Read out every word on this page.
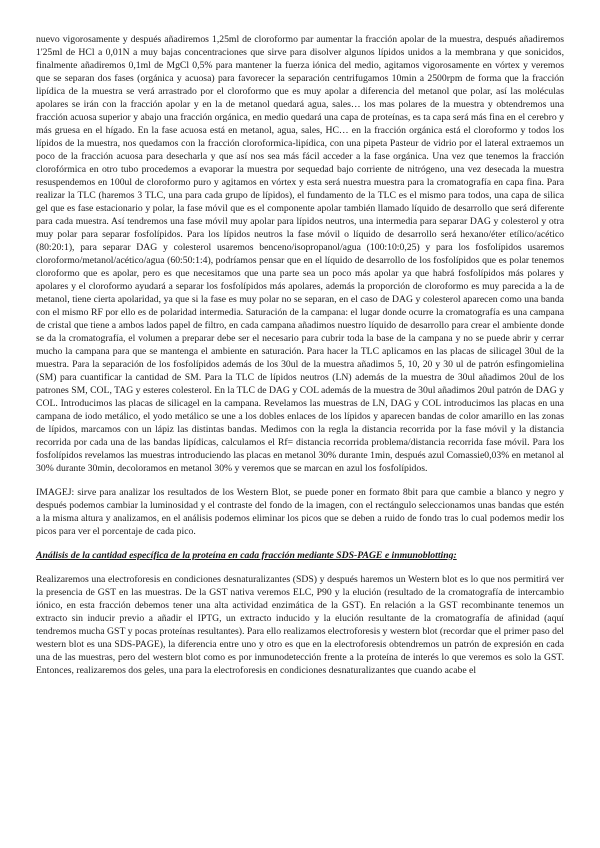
nuevo vigorosamente y después añadiremos 1,25ml de cloroformo par aumentar la fracción apolar de la muestra, después añadiremos 1'25ml de HCl a 0,01N a muy bajas concentraciones que sirve para disolver algunos lípidos unidos a la membrana y que sonicidos, finalmente añadiremos 0,1ml de MgCl 0,5% para mantener la fuerza iónica del medio, agitamos vigorosamente en vórtex y veremos que se separan dos fases (orgánica y acuosa) para favorecer la separación centrifugamos 10min a 2500rpm de forma que la fracción lipídica de la muestra se verá arrastrado por el cloroformo que es muy apolar a diferencia del metanol que polar, así las moléculas apolares se irán con la fracción apolar y en la de metanol quedará agua, sales… los mas polares de la muestra y obtendremos una fracción acuosa superior y abajo una fracción orgánica, en medio quedará una capa de proteínas, es ta capa será más fina en el cerebro y más gruesa en el hígado. En la fase acuosa está en metanol, agua, sales, HC… en la fracción orgánica está el cloroformo y todos los lípidos de la muestra, nos quedamos con la fracción cloroformica-lipídica, con una pipeta Pasteur de vidrio por el lateral extraemos un poco de la fracción acuosa para desecharla y que así nos sea más fácil acceder a la fase orgánica. Una vez que tenemos la fracción clorofórmica en otro tubo procedemos a evaporar la muestra por sequedad bajo corriente de nitrógeno, una vez desecada la muestra resuspendemos en 100ul de cloroformo puro y agitamos en vórtex y esta será nuestra muestra para la cromatografía en capa fina. Para realizar la TLC (haremos 3 TLC, una para cada grupo de lípidos), el fundamento de la TLC es el mismo para todos, una capa de silica gel que es fase estacionario y polar, la fase móvil que es el componente apolar también llamado líquido de desarrollo que será diferente para cada muestra. Así tendremos una fase móvil muy apolar para lípidos neutros, una intermedia para separar DAG y colesterol y otra muy polar para separar fosfolípidos. Para los lípidos neutros la fase móvil o líquido de desarrollo será hexano/éter etílico/acético (80:20:1), para separar DAG y colesterol usaremos benceno/isopropanol/agua (100:10:0,25) y para los fosfolípidos usaremos cloroformo/metanol/acético/agua (60:50:1:4), podríamos pensar que en el líquido de desarrollo de los fosfolípidos que es polar tenemos cloroformo que es apolar, pero es que necesitamos que una parte sea un poco más apolar ya que habrá fosfolípidos más polares y apolares y el cloroformo ayudará a separar los fosfolípidos más apolares, además la proporción de cloroformo es muy parecida a la de metanol, tiene cierta apolaridad, ya que si la fase es muy polar no se separan, en el caso de DAG y colesterol aparecen como una banda con el mismo RF por ello es de polaridad intermedia. Saturación de la campana: el lugar donde ocurre la cromatografía es una campana de cristal que tiene a ambos lados papel de filtro, en cada campana añadimos nuestro líquido de desarrollo para crear el ambiente donde se da la cromatografía, el volumen a preparar debe ser el necesario para cubrir toda la base de la campana y no se puede abrir y cerrar mucho la campana para que se mantenga el ambiente en saturación. Para hacer la TLC aplicamos en las placas de silicagel 30ul de la muestra. Para la separación de los fosfolípidos además de los 30ul de la muestra añadimos 5, 10, 20 y 30 ul de patrón esfingomielina (SM) para cuantificar la cantidad de SM. Para la TLC de lípidos neutros (LN) además de la muestra de 30ul añadimos 20ul de los patrones SM, COL, TAG y esteres colesterol. En la TLC de DAG y COL además de la muestra de 30ul añadimos 20ul patrón de DAG y COL. Introducimos las placas de silicagel en la campana. Revelamos las muestras de LN, DAG y COL introducimos las placas en una campana de iodo metálico, el yodo metálico se une a los dobles enlaces de los lípidos y aparecen bandas de color amarillo en las zonas de lípidos, marcamos con un lápiz las distintas bandas. Medimos con la regla la distancia recorrida por la fase móvil y la distancia recorrida por cada una de las bandas lipídicas, calculamos el Rf= distancia recorrida problema/distancia recorrida fase móvil. Para los fosfolípidos revelamos las muestras introduciendo las placas en metanol 30% durante 1min, después azul Comassie0,03% en metanol al 30% durante 30min, decoloramos en metanol 30% y veremos que se marcan en azul los fosfolípidos.

IMAGEJ: sirve para analizar los resultados de los Western Blot, se puede poner en formato 8bit para que cambie a blanco y negro y después podemos cambiar la luminosidad y el contraste del fondo de la imagen, con el rectángulo seleccionamos unas bandas que estén a la misma altura y analizamos, en el análisis podemos eliminar los picos que se deben a ruido de fondo tras lo cual podemos medir los picos para ver el porcentaje de cada pico.

Análisis de la cantidad específica de la proteína en cada fracción mediante SDS-PAGE e inmunoblotting:

Realizaremos una electroforesis en condiciones desnaturalizantes (SDS) y después haremos un Western blot es lo que nos permitirá ver la presencia de GST en las muestras. De la GST nativa veremos ELC, P90 y la elución (resultado de la cromatografía de intercambio iónico, en esta fracción debemos tener una alta actividad enzimática de la GST). En relación a la GST recombinante tenemos un extracto sin inducir previo a añadir el IPTG, un extracto inducido y la elución resultante de la cromatografía de afinidad (aquí tendremos mucha GST y pocas proteínas resultantes). Para ello realizamos electroforesis y western blot (recordar que el primer paso del western blot es una SDS-PAGE), la diferencia entre uno y otro es que en la electroforesis obtendremos un patrón de expresión en cada una de las muestras, pero del western blot como es por inmunodetección frente a la proteína de interés lo que veremos es solo la GST. Entonces, realizaremos dos geles, una para la electroforesis en condiciones desnaturalizantes que cuando acabe el
